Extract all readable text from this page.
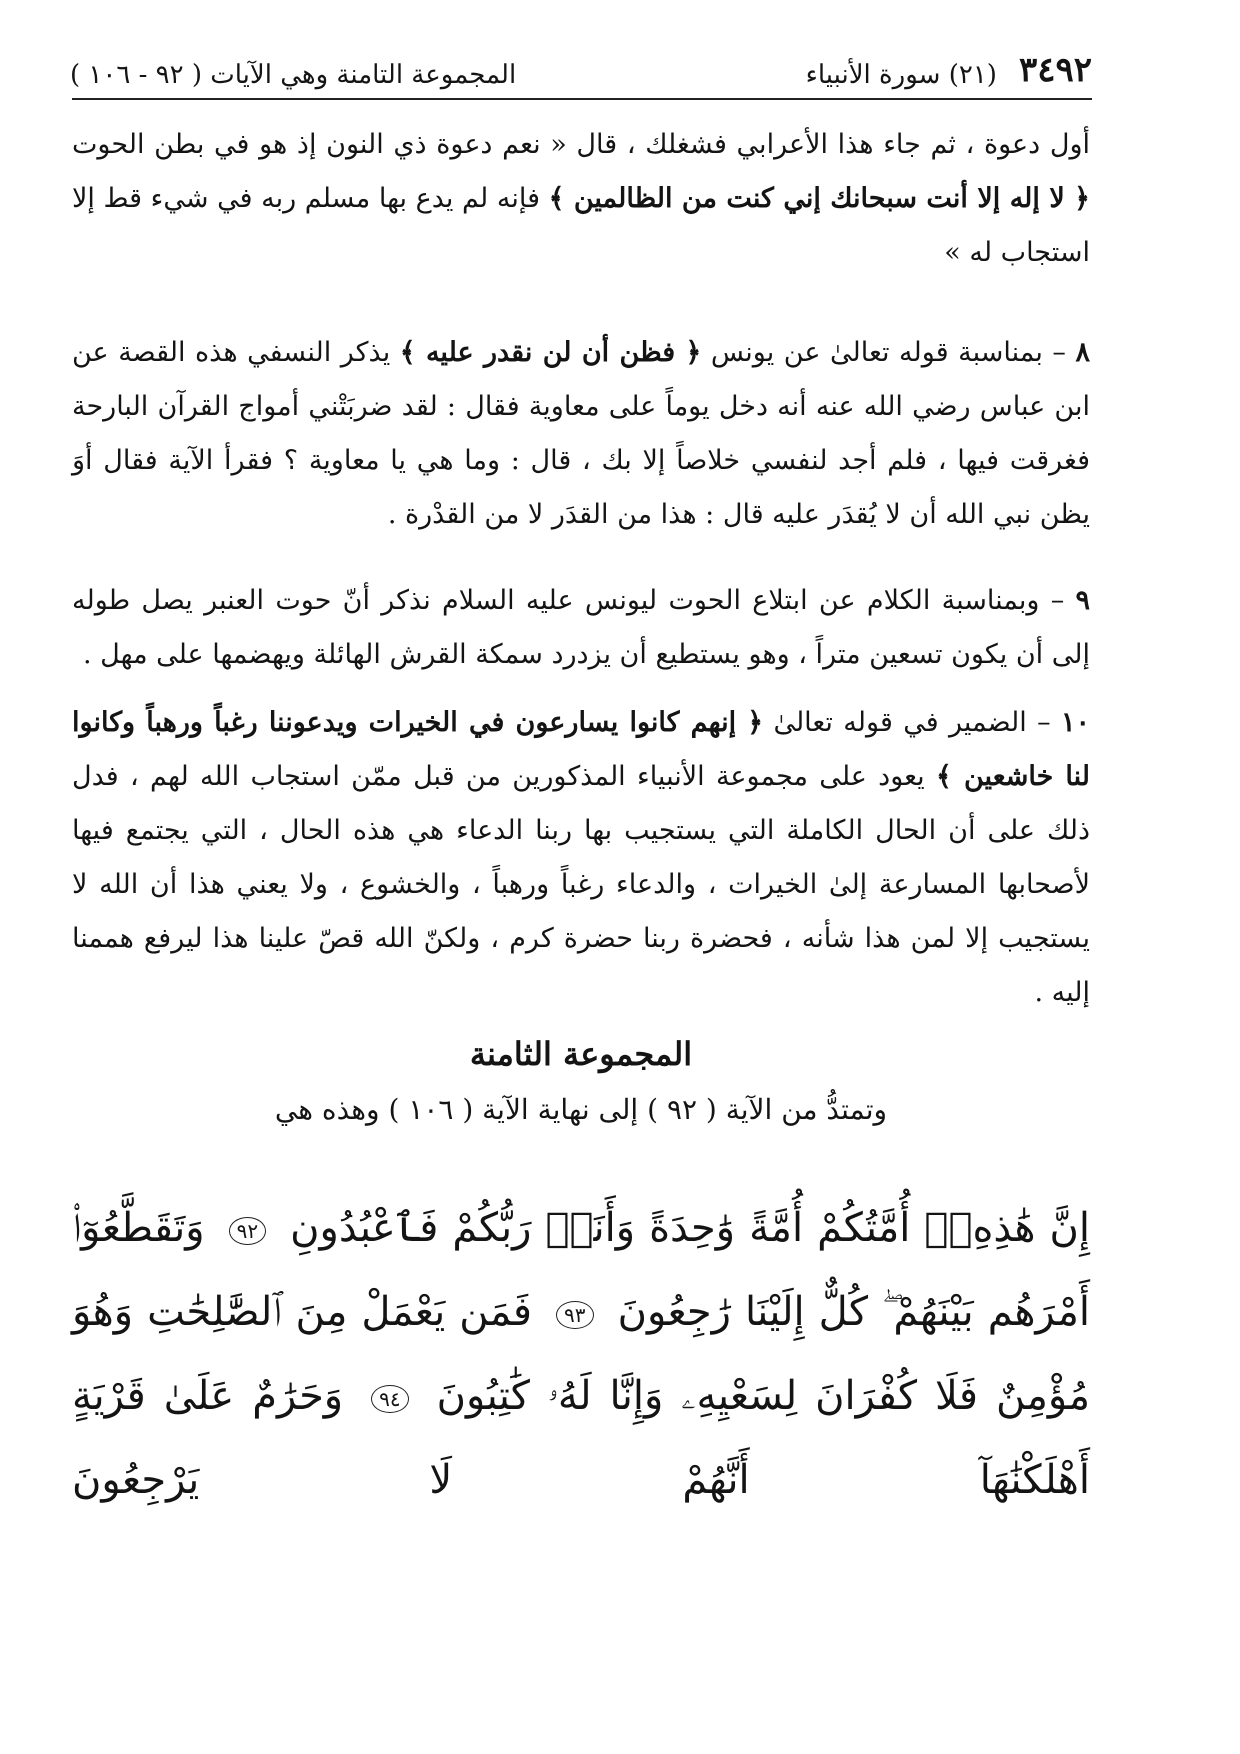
٣٤٩٢
(٢١) سورة الأنبياء
المجموعة التامنة وهي الآيات ( ٩٢ - ١٠٦ )

أول دعوة ، ثم جاء هذا الأعرابي فشغلك ، قال « نعم دعوة ذي النون إذ هو في بطن الحوت ﴿ لا إله إلا أنت سبحانك إني كنت من الظالمين ﴾ فإنه لم يدع بها مسلم ربه في شيء قط إلا استجاب له »

٨ – بمناسبة قوله تعالىٰ عن يونس ﴿ فظن أن لن نقدر عليه ﴾ يذكر النسفي هذه القصة عن ابن عباس رضي الله عنه أنه دخل يوماً على معاوية فقال : لقد ضربَتْني أمواج القرآن البارحة فغرقت فيها ، فلم أجد لنفسي خلاصاً إلا بك ، قال : وما هي يا معاوية ؟ فقرأ الآية فقال أوَ يظن نبي الله أن لا يُقدَر عليه قال : هذا من القدَر لا من القدْرة .

٩ – وبمناسبة الكلام عن ابتلاع الحوت ليونس عليه السلام نذكر أنّ حوت العنبر يصل طوله إلى أن يكون تسعين متراً ، وهو يستطيع أن يزدرد سمكة القرش الهائلة ويهضمها على مهل .

١٠ – الضمير في قوله تعالىٰ ﴿ إنهم كانوا يسارعون في الخيرات ويدعوننا رغباً ورهباً وكانوا لنا خاشعين ﴾ يعود على مجموعة الأنبياء المذكورين من قبل ممّن استجاب الله لهم ، فدل ذلك على أن الحال الكاملة التي يستجيب بها ربنا الدعاء هي هذه الحال ، التي يجتمع فيها لأصحابها المسارعة إلىٰ الخيرات ، والدعاء رغباً ورهباً ، والخشوع ، ولا يعني هذا أن الله لا يستجيب إلا لمن هذا شأنه ، فحضرة ربنا حضرة كرم ، ولكنّ الله قصّ علينا هذا ليرفع هممنا إليه .

المجموعة الثامنة

وتمتدُّ من الآية ( ٩٢ ) إلى نهاية الآية ( ١٠٦ ) وهذه هي

إِنَّ هَٰذِهِۦٓ أُمَّتُكُمْ أُمَّةً وَٰحِدَةً وَأَنَا۠ رَبُّكُمْ فَٱعْبُدُونِ ٩٢ وَتَقَطَّعُوٓا۟ أَمْرَهُم بَيْنَهُمْ ۖ كُلٌّ إِلَيْنَا رَٰجِعُونَ ٩٣ فَمَن يَعْمَلْ مِنَ ٱلصَّٰلِحَٰتِ وَهُوَ مُؤْمِنٌ فَلَا كُفْرَانَ لِسَعْيِهِۦ وَإِنَّا لَهُۥ كَٰتِبُونَ ٩٤ وَحَرَٰمٌ عَلَىٰ قَرْيَةٍ أَهْلَكْنَٰهَآ أَنَّهُمْ لَا يَرْجِعُونَ
